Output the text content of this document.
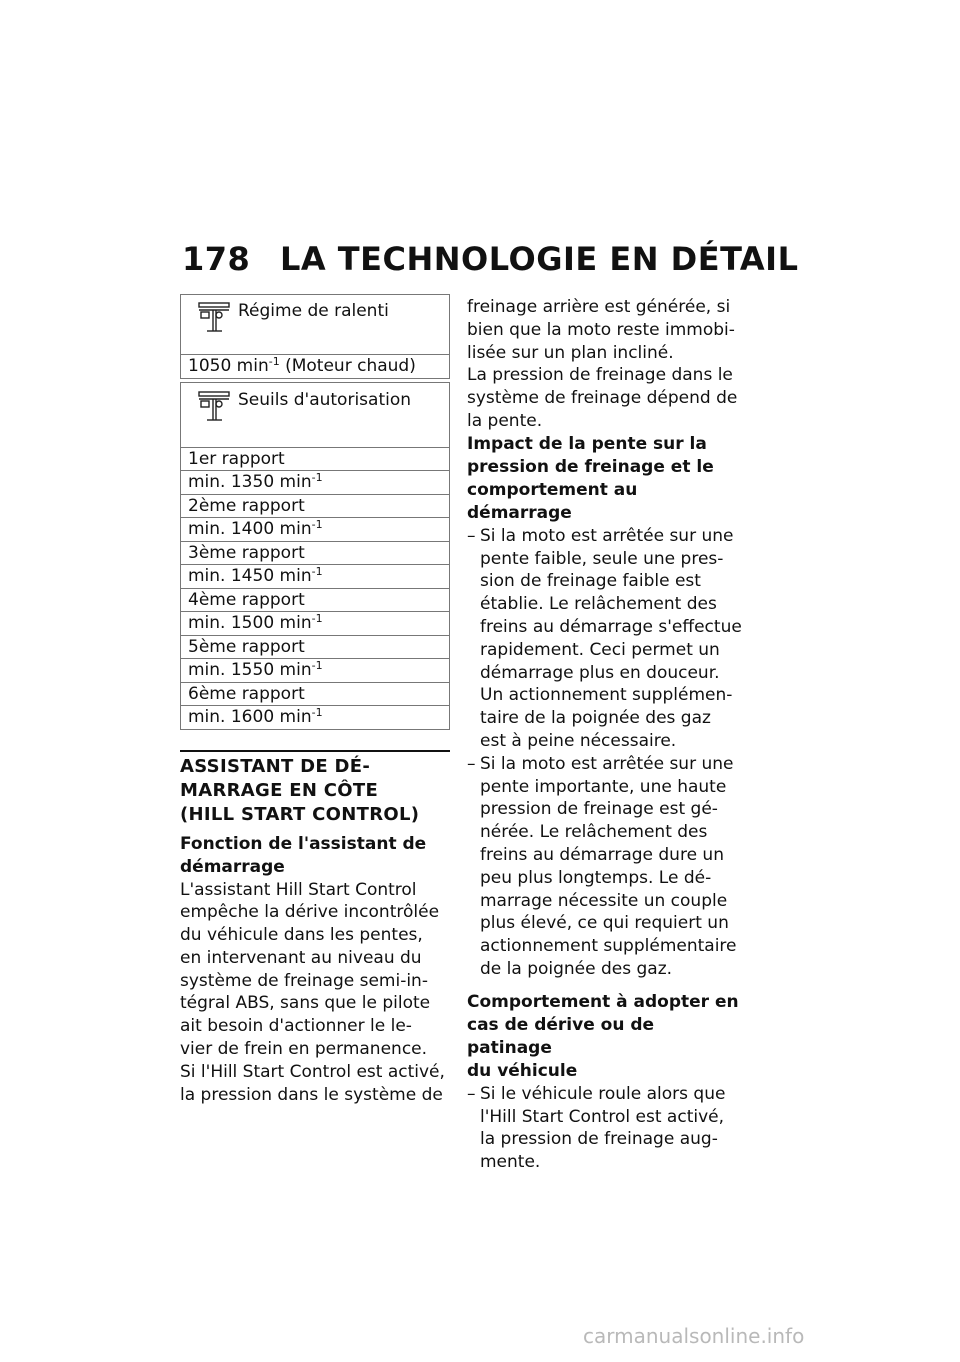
178 LA TECHNOLOGIE EN DÉTAIL
Régime de ralenti

1050 $\min^{-1}$ (Moteur chaud)
Seuils d'autorisation

1er rapport
min. 1350 $\min^{-1}$
2ème rapport
min. 1400 $\min^{-1}$
3ème rapport
min. 1450 $\min^{-1}$
4ème rapport
min. 1500 $\min^{-1}$
5ème rapport
min. 1550 $\min^{-1}$
6ème rapport
min. 1600 $\min^{-1}$
ASSISTANT DE DÉ-
MARRAGE EN CÔTE
(HILL START CONTROL)
Fonction de l'assistant de
démarrage
L'assistant Hill Start Control
empêche la dérive incontrôlée
du véhicule dans les pentes,
en intervenant au niveau du
système de freinage semi-in-
tégral ABS, sans que le pilote
ait besoin d'actionner le le-
vier de frein en permanence.
Si l'Hill Start Control est activé,
la pression dans le système de
freinage arrière est générée, si
bien que la moto reste immobi-
lisée sur un plan incliné.
La pression de freinage dans le
système de freinage dépend de
la pente.
Impact de la pente sur la
pression de freinage et le
comportement au démarrage
– Si la moto est arrêtée sur une
pente faible, seule une pres-
sion de freinage faible est
établie. Le relâchement des
freins au démarrage s'effectue
rapidement. Ceci permet un
démarrage plus en douceur.
Un actionnement supplémen-
taire de la poignée des gaz
est à peine nécessaire.
– Si la moto est arrêtée sur une
pente importante, une haute
pression de freinage est gé-
nérée. Le relâchement des
freins au démarrage dure un
peu plus longtemps. Le dé-
marrage nécessite un couple
plus élevé, ce qui requiert un
actionnement supplémentaire
de la poignée des gaz.
Comportement à adopter en
cas de dérive ou de patinage
du véhicule
– Si le véhicule roule alors que
l'Hill Start Control est activé,
la pression de freinage aug-
mente.
carmanualsonline.info
